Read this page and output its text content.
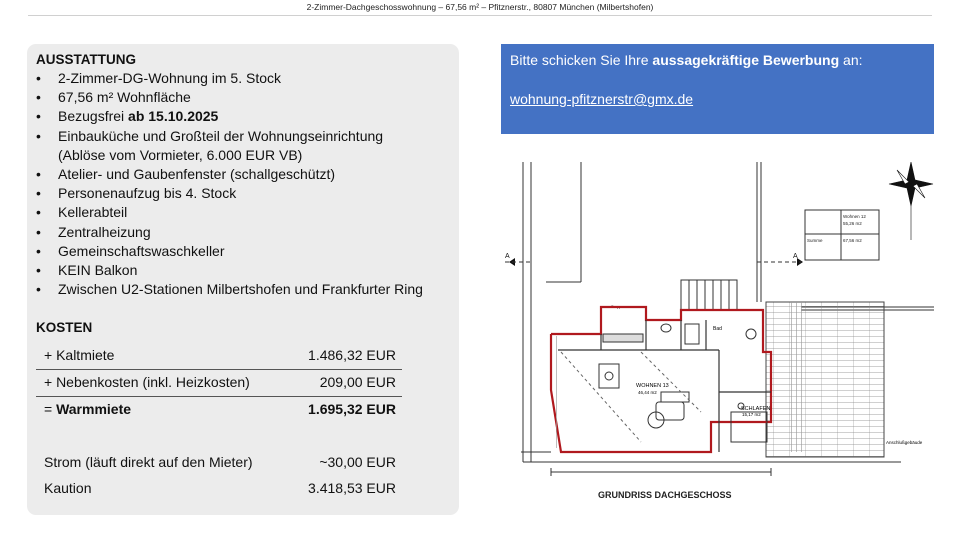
2-Zimmer-Dachgeschosswohnung – 67,56 m² – Pfitznerstr., 80807 München (Milbertshofen)
AUSSTATTUNG
• 2-Zimmer-DG-Wohnung im 5. Stock
• 67,56 m² Wohnfläche
• Bezugsfrei ab 15.10.2025
• Einbauküche und Großteil der Wohnungseinrichtung
(Ablöse vom Vormieter, 6.000 EUR VB)
• Atelier- und Gaubenfenster (schallgeschützt)
• Personenaufzug bis 4. Stock
• Kellerabteil
• Zentralheizung
• Gemeinschaftswaschkeller
• KEIN Balkon
• Zwischen U2-Stationen Milbertshofen und Frankfurter Ring
KOSTEN
+ Kaltmiete	1.486,32 EUR
+ Nebenkosten (inkl. Heizkosten)	209,00 EUR
= Warmmiete	1.695,32 EUR
Strom (läuft direkt auf den Mieter)	~30,00 EUR
Kaution	3.418,53 EUR
Bitte schicken Sie Ihre aussagekräftige Bewerbung an:
wohnung-pfitznerstr@gmx.de
A	A
Treppe
Bad
WOHNEN 13
46,44 m2
SCHLAFEN
15,17 m2
Anschlußgebäude
Wohnen 12
55,26 m2
Summe	67,56 m2
GRUNDRISS DACHGESCHOSS
